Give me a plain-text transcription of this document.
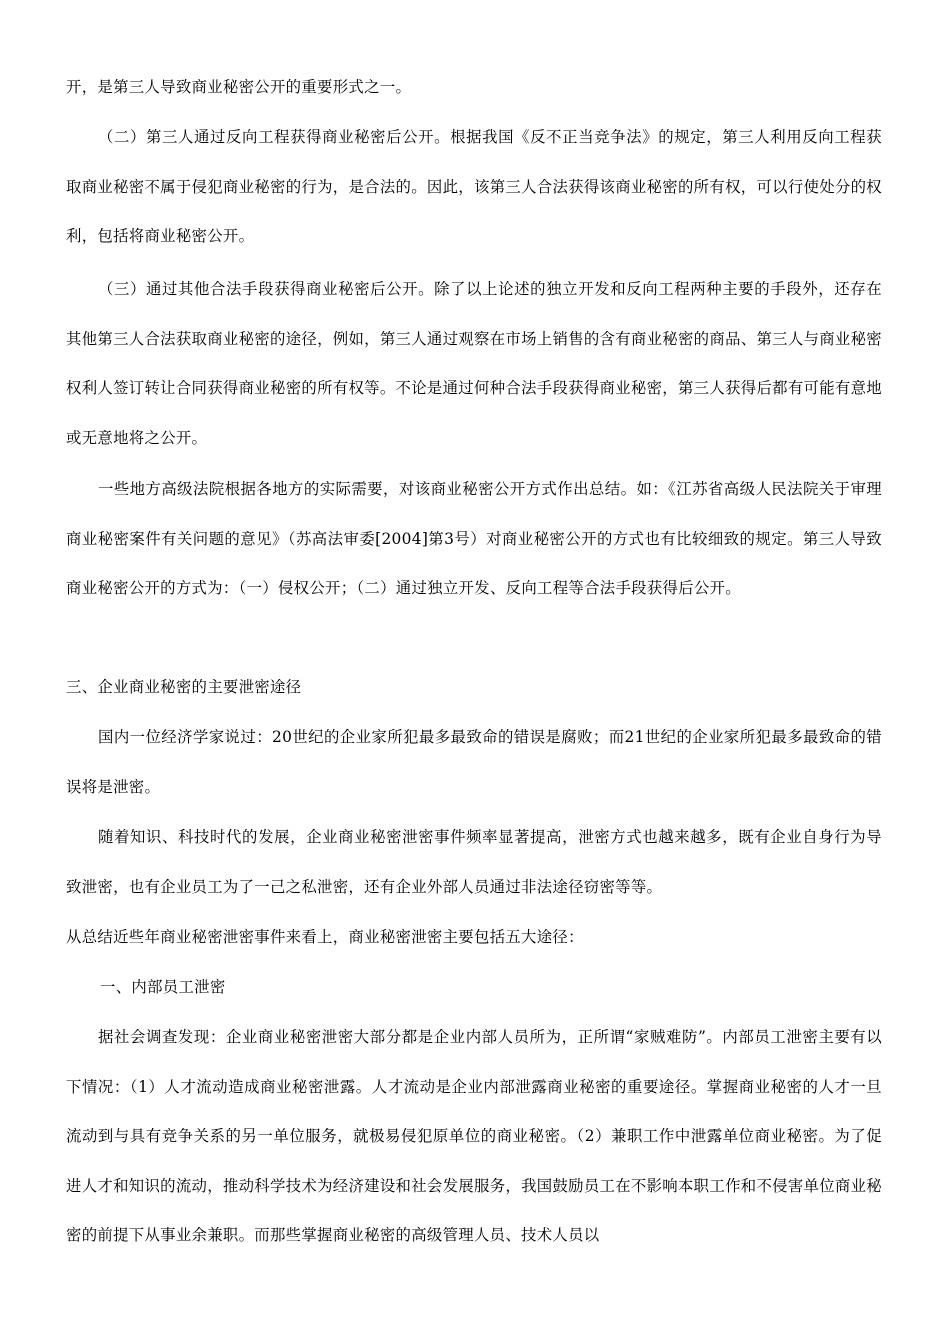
开，是第三人导致商业秘密公开的重要形式之一。

（二）第三人通过反向工程获得商业秘密后公开。根据我国《反不正当竞争法》的规定，第三人利用反向工程获取商业秘密不属于侵犯商业秘密的行为，是合法的。因此，该第三人合法获得该商业秘密的所有权，可以行使处分的权利，包括将商业秘密公开。

（三）通过其他合法手段获得商业秘密后公开。除了以上论述的独立开发和反向工程两种主要的手段外，还存在其他第三人合法获取商业秘密的途径，例如，第三人通过观察在市场上销售的含有商业秘密的商品、第三人与商业秘密权利人签订转让合同获得商业秘密的所有权等。不论是通过何种合法手段获得商业秘密，第三人获得后都有可能有意地或无意地将之公开。

一些地方高级法院根据各地方的实际需要，对该商业秘密公开方式作出总结。如：《江苏省高级人民法院关于审理商业秘密案件有关问题的意见》（苏高法审委[2004]第3号）对商业秘密公开的方式也有比较细致的规定。第三人导致商业秘密公开的方式为：（一）侵权公开；（二）通过独立开发、反向工程等合法手段获得后公开。

三、企业商业秘密的主要泄密途径

国内一位经济学家说过：20世纪的企业家所犯最多最致命的错误是腐败；而21世纪的企业家所犯最多最致命的错误将是泄密。

随着知识、科技时代的发展，企业商业秘密泄密事件频率显著提高，泄密方式也越来越多，既有企业自身行为导致泄密，也有企业员工为了一己之私泄密，还有企业外部人员通过非法途径窃密等等。

从总结近些年商业秘密泄密事件来看上，商业秘密泄密主要包括五大途径：

一、内部员工泄密

据社会调查发现：企业商业秘密泄密大部分都是企业内部人员所为，正所谓“家贼难防”。内部员工泄密主要有以下情况：（1）人才流动造成商业秘密泄露。人才流动是企业内部泄露商业秘密的重要途径。掌握商业秘密的人才一旦流动到与具有竞争关系的另一单位服务，就极易侵犯原单位的商业秘密。（2）兼职工作中泄露单位商业秘密。为了促进人才和知识的流动，推动科学技术为经济建设和社会发展服务，我国鼓励员工在不影响本职工作和不侵害单位商业秘密的前提下从事业余兼职。而那些掌握商业秘密的高级管理人员、技术人员以
